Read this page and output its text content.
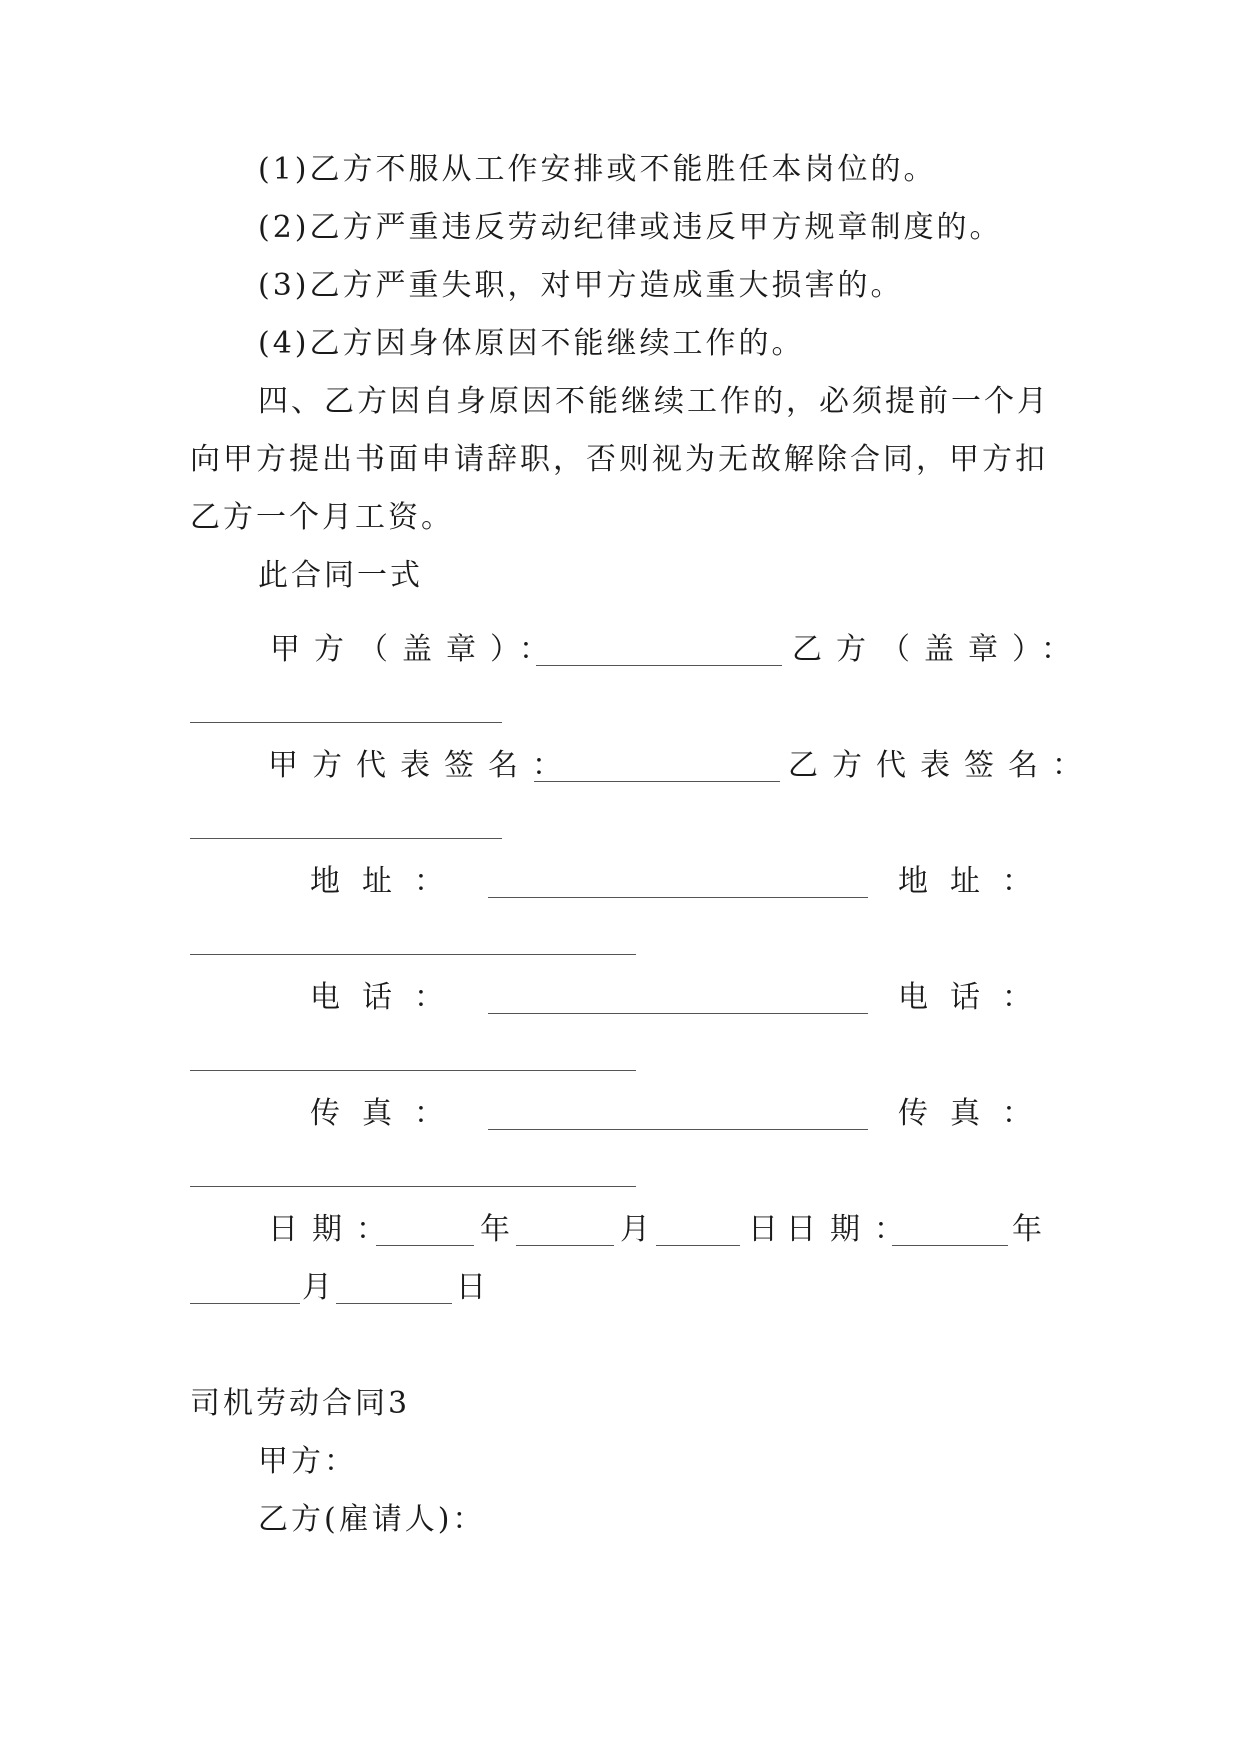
(1)乙方不服从工作安排或不能胜任本岗位的。
(2)乙方严重违反劳动纪律或违反甲方规章制度的。
(3)乙方严重失职，对甲方造成重大损害的。
(4)乙方因身体原因不能继续工作的。
四、乙方因自身原因不能继续工作的，必须提前一个月
向甲方提出书面申请辞职，否则视为无故解除合同，甲方扣
乙方一个月工资。
此合同一式
甲方（盖章）：	乙方（盖章）：
甲方代表签名：	乙方代表签名：
地址：	地址：
电话：	电话：
传真：	传真：
日期：	年	月	日 日期：	年
月	日
司机劳动合同3
甲方：
乙方(雇请人)：
